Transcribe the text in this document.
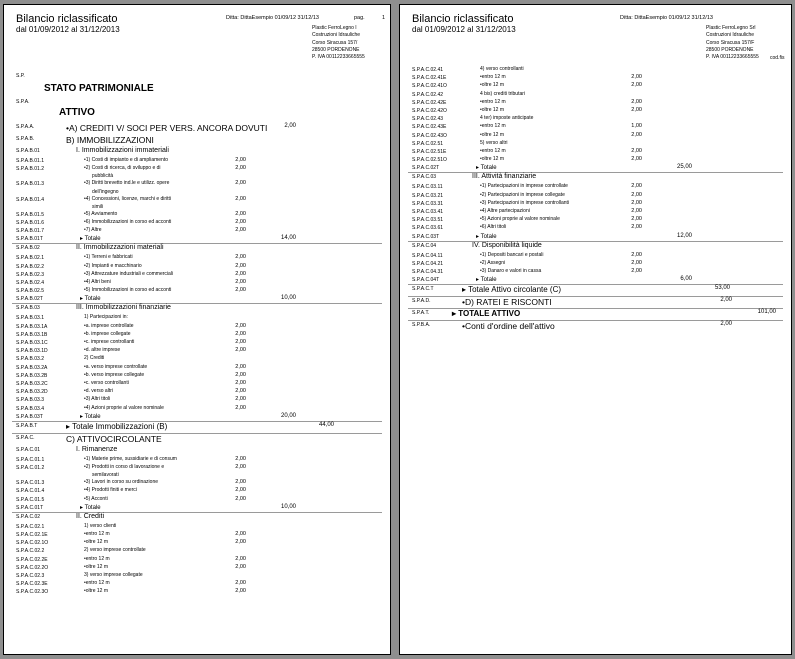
Bilancio riclassificato
dal 01/09/2012 al 31/12/2013
Ditta: DittaEsempio 01/09/12 31/12/13	pag.	1
Plastic FerroLegno l
Costruzioni Idrauliche
Corso Siracusa 157/
28500 PORDENONE
P. IVA 00112233665555
S.P.
STATO PATRIMONIALE
S.P.A.
ATTIVO
S.P.A.A.	•A) CREDITI V/ SOCI PER VERS. ANCORA DOVUTI	2,00
S.P.A.B.	B) IMMOBILIZZAZIONI
S.P.A.B.01	I. Immobilizzazioni immateriali
S.P.A.B.01.1	•1) Costi di impianto e di ampliamento	2,00
S.P.A.B.01.2	•2) Costi di ricerca, di sviluppo e di	2,00
pubblicità
S.P.A.B.01.3	•3) Diritti brevetto ind.le e utilizz. opere	2,00
dell'ingegno
S.P.A.B.01.4	•4) Concessioni, licenze, marchi e diritti	2,00
simili
S.P.A.B.01.5	•5) Avviamento	2,00
S.P.A.B.01.6	•6) Immobilizzazioni in corso ed acconti	2,00
S.P.A.B.01.7	•7) Altre	2,00
S.P.A.B.01T	▸ Totale	14,00
S.P.A.B.02	II. Immobilizzazioni materiali
S.P.A.B.02.1	•1) Terreni e fabbricati	2,00
S.P.A.B.02.2	•2) Impianti e macchinario	2,00
S.P.A.B.02.3	•3) Attrezzature industriali e commerciali	2,00
S.P.A.B.02.4	•4) Altri beni	2,00
S.P.A.B.02.5	•5) Immobilizzazioni in corso ed acconti	2,00
S.P.A.B.02T	▸ Totale	10,00
S.P.A.B.03	III. Immobilizzazioni finanziarie
S.P.A.B.03.1	1) Partecipazioni in:
S.P.A.B.03.1A	•a. imprese controllate	2,00
S.P.A.B.03.1B	•b. imprese collegate	2,00
S.P.A.B.03.1C	•c. imprese controllanti	2,00
S.P.A.B.03.1D	•d. altre imprese	2,00
S.P.A.B.03.2	2) Crediti
S.P.A.B.03.2A	•a. verso imprese controllate	2,00
S.P.A.B.03.2B	•b. verso imprese collegate	2,00
S.P.A.B.03.2C	•c. verso controllanti	2,00
S.P.A.B.03.2D	•d. verso altri	2,00
S.P.A.B.03.3	•3) Altri titoli	2,00
S.P.A.B.03.4	•4) Azioni proprie al valore nominale	2,00
S.P.A.B.03T	▸ Totale	20,00
S.P.A.B.T	▸ Totale Immobilizzazioni (B)	44,00
S.P.A.C.	C) ATTIVOCIRCOLANTE
S.P.A.C.01	I. Rimanenze
S.P.A.C.01.1	•1) Materie prime, sussidiarie e di consum	2,00
S.P.A.C.01.2	•2) Prodotti in corso di lavorazione e	2,00
semilavorati
S.P.A.C.01.3	•3) Lavori in corso su ordinazione	2,00
S.P.A.C.01.4	•4) Prodotti finiti e merci	2,00
S.P.A.C.01.5	•5) Acconti	2,00
S.P.A.C.01T	▸ Totale	10,00
S.P.A.C.02	II. Crediti
S.P.A.C.02.1	1) verso clienti
S.P.A.C.02.1E	•entro 12 m	2,00
S.P.A.C.02.1O	•oltre 12 m	2,00
S.P.A.C.02.2	2) verso imprese controllate
S.P.A.C.02.2E	•entro 12 m	2,00
S.P.A.C.02.2O	•oltre 12 m	2,00
S.P.A.C.02.3	3) verso imprese collegate
S.P.A.C.02.3E	•entro 12 m	2,00
S.P.A.C.02.3O	•oltre 12 m	2,00
Bilancio riclassificato
dal 01/09/2012 al 31/12/2013
Ditta: DittaEsempio 01/09/12 31/12/13
Plastic FerroLegno Srl
Costruzioni Idrauliche
Corso Siracusa 157/F
28500 PORDENONE
P. IVA 00112233665555 cod.fis
S.P.A.C.02.41	4) verso controllanti
S.P.A.C.02.41E	•entro 12 m	2,00
S.P.A.C.02.41O	•oltre 12 m	2,00
S.P.A.C.02.42	4 bis) crediti tributari
S.P.A.C.02.42E	•entro 12 m	2,00
S.P.A.C.02.42O	•oltre 12 m	2,00
S.P.A.C.02.43	4 ter) imposte anticipate
S.P.A.C.02.43E	•entro 12 m	1,00
S.P.A.C.02.43O	•oltre 12 m	2,00
S.P.A.C.02.51	5) verso altri
S.P.A.C.02.51E	•entro 12 m	2,00
S.P.A.C.02.51O	•oltre 12 m	2,00
S.P.A.C.02T	▸ Totale	25,00
S.P.A.C.03	III. Attività finanziarie
S.P.A.C.03.11	•1) Partecipazioni in imprese controllate	2,00
S.P.A.C.03.21	•2) Partecipazioni in imprese collegate	2,00
S.P.A.C.03.31	•3) Partecipazioni in imprese controllanti	2,00
S.P.A.C.03.41	•4) Altre partecipazioni	2,00
S.P.A.C.03.51	•5) Azioni proprie al valore nominale	2,00
S.P.A.C.03.61	•6) Altri titoli	2,00
S.P.A.C.03T	▸ Totale	12,00
S.P.A.C.04	IV. Disponibilità liquide
S.P.A.C.04.11	•1) Depositi bancari e postali	2,00
S.P.A.C.04.21	•2) Assegni	2,00
S.P.A.C.04.31	•3) Danaro e valori in cassa	2,00
S.P.A.C.04T	▸ Totale	6,00
S.P.A.C.T	▸ Totale Attivo circolante (C)	53,00
S.P.A.D.	•D) RATEI E RISCONTI	2,00
S.P.A.T.	▸ TOTALE ATTIVO	101,00
S.P.B.A.	•Conti d'ordine dell'attivo	2,00
